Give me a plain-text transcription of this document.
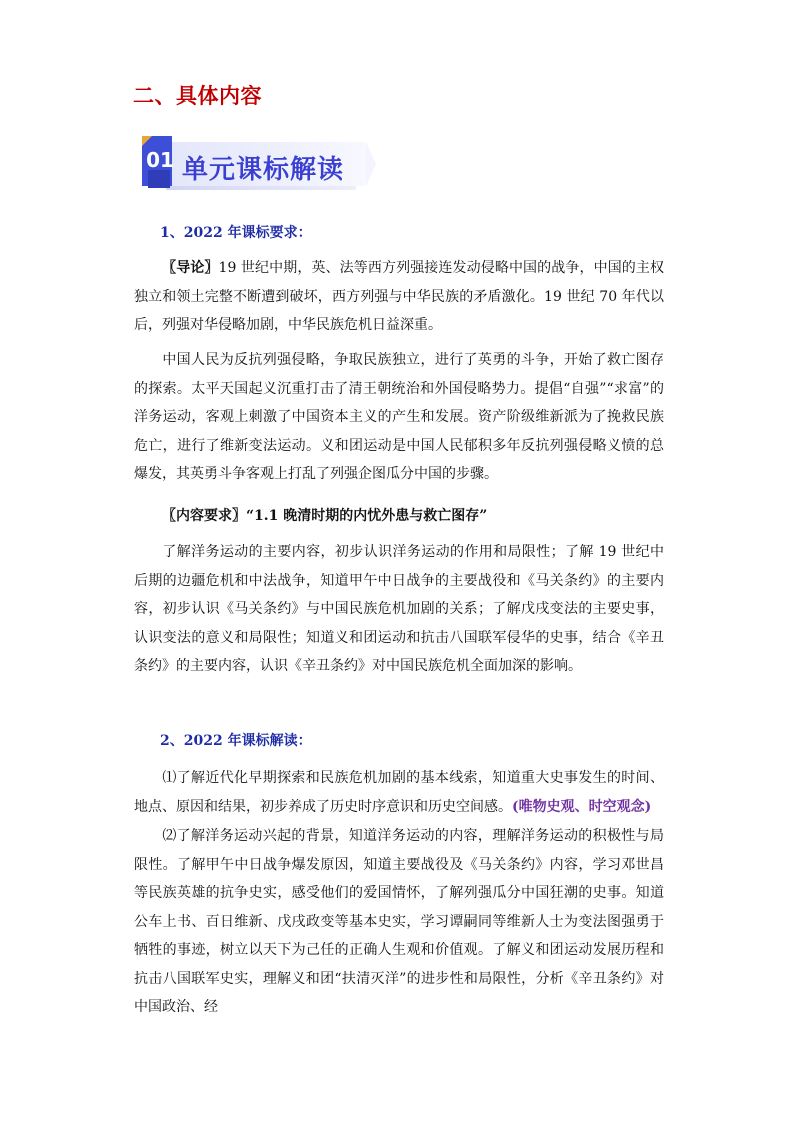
二、具体内容
01 单元课标解读
1、2022 年课标要求：
〖导论〗19 世纪中期，英、法等西方列强接连发动侵略中国的战争，中国的主权独立和领土完整不断遭到破坏，西方列强与中华民族的矛盾激化。19 世纪 70 年代以后，列强对华侵略加剧，中华民族危机日益深重。
中国人民为反抗列强侵略，争取民族独立，进行了英勇的斗争，开始了救亡图存的探索。太平天国起义沉重打击了清王朝统治和外国侵略势力。提倡“自强”“求富”的洋务运动，客观上刺激了中国资本主义的产生和发展。资产阶级维新派为了挽救民族危亡，进行了维新变法运动。义和团运动是中国人民郁积多年反抗列强侵略义愤的总爆发，其英勇斗争客观上打乱了列强企图瓜分中国的步骤。
〖内容要求〗“1.1 晚清时期的内忧外患与救亡图存”
了解洋务运动的主要内容，初步认识洋务运动的作用和局限性；了解 19 世纪中后期的边疆危机和中法战争，知道甲午中日战争的主要战役和《马关条约》的主要内容，初步认识《马关条约》与中国民族危机加剧的关系；了解戊戌变法的主要史事，认识变法的意义和局限性；知道义和团运动和抗击八国联军侵华的史事，结合《辛丑条约》的主要内容，认识《辛丑条约》对中国民族危机全面加深的影响。
2、2022 年课标解读：
⑴了解近代化早期探索和民族危机加剧的基本线索，知道重大史事发生的时间、地点、原因和结果，初步养成了历史时序意识和历史空间感。(唯物史观、时空观念)
⑵了解洋务运动兴起的背景，知道洋务运动的内容，理解洋务运动的积极性与局限性。了解甲午中日战争爆发原因，知道主要战役及《马关条约》内容，学习邓世昌等民族英雄的抗争史实，感受他们的爱国情怀，了解列强瓜分中国狂潮的史事。知道公车上书、百日维新、戊戌政变等基本史实，学习谭嗣同等维新人士为变法图强勇于牺牲的事迹，树立以天下为己任的正确人生观和价值观。了解义和团运动发展历程和抗击八国联军史实，理解义和团“扶清灭洋”的进步性和局限性，分析《辛丑条约》对中国政治、经
